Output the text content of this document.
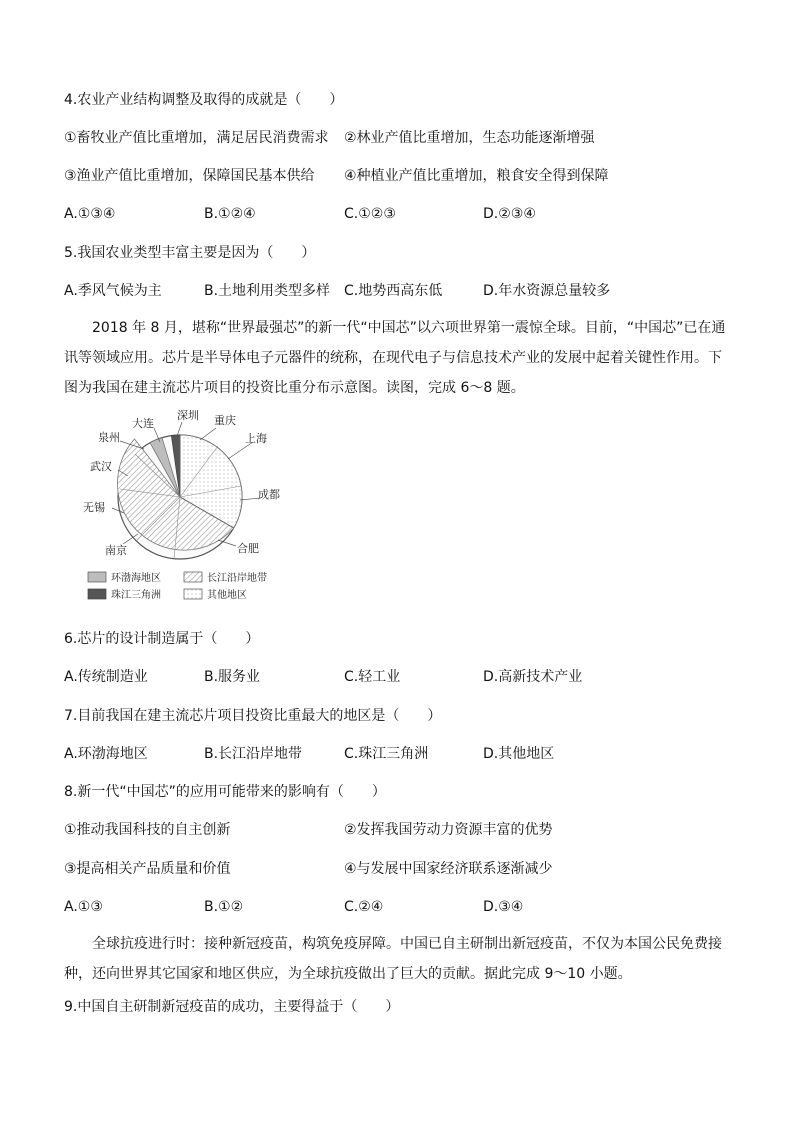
4.农业产业结构调整及取得的成就是（　　）
①畜牧业产值比重增加，满足居民消费需求 ②林业产值比重增加，生态功能逐渐增强
③渔业产值比重增加，保障国民基本供给 ④种植业产值比重增加，粮食安全得到保障
A.①③④	B.①②④	C.①②③	D.②③④
5.我国农业类型丰富主要是因为（　　）
A.季风气候为主	B.土地利用类型多样 C.地势西高东低	D.年水资源总量较多
2018 年 8 月，堪称“世界最强芯”的新一代“中国芯”以六项世界第一震惊全球。目前，“中国芯”已在通讯等领域应用。芯片是半导体电子元器件的统称，在现代电子与信息技术产业的发展中起着关键性作用。下图为我国在建主流芯片项目的投资比重分布示意图。读图，完成 6～8 题。
大连
深圳 重庆
上海
泉州
武汉
成都
无锡
南京	合肥
环渤海地区	长江沿岸地带
珠江三角洲	其他地区
6.芯片的设计制造属于（　　）
A.传统制造业	B.服务业	C.轻工业	D.高新技术产业
7.目前我国在建主流芯片项目投资比重最大的地区是（　　）
A.环渤海地区	B.长江沿岸地带	C.珠江三角洲	D.其他地区
8.新一代“中国芯”的应用可能带来的影响有（　　）
①推动我国科技的自主创新	②发挥我国劳动力资源丰富的优势
③提高相关产品质量和价值	④与发展中国家经济联系逐渐减少
A.①③	B.①②	C.②④	D.③④
全球抗疫进行时：接种新冠疫苗，构筑免疫屏障。中国已自主研制出新冠疫苗，不仅为本国公民免费接种，还向世界其它国家和地区供应，为全球抗疫做出了巨大的贡献。据此完成 9～10 小题。
9.中国自主研制新冠疫苗的成功，主要得益于（　　）
